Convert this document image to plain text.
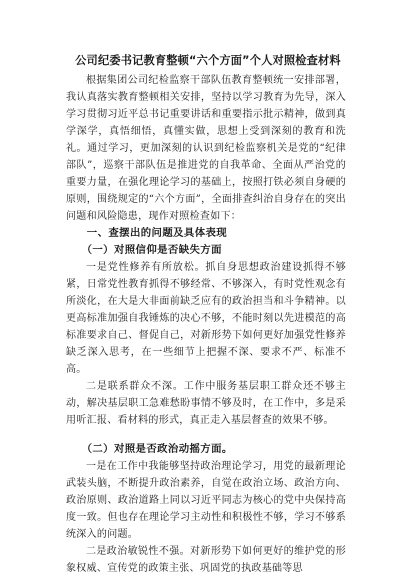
公司纪委书记教育整顿“六个方面”个人对照检查材料

根据集团公司纪检监察干部队伍教育整顿统一安排部署，我认真落实教育整顿相关安排，坚持以学习教育为先导，深入学习贯彻习近平总书记重要讲话和重要指示批示精神，做到真学深学，真悟细悟，真懂实做，思想上受到深刻的教育和洗礼。通过学习，更加深刻的认识到纪检监察机关是党的“纪律部队”，巡察干部队伍是推进党的自我革命、全面从严治党的重要力量，在强化理论学习的基础上，按照打铁必须自身硬的原则，围绕规定的“六个方面”，全面排查纠治自身存在的突出问题和风险隐患，现作对照检查如下：

一、查摆出的问题及具体表现

（一）对照信仰是否缺失方面

一是党性修养有所放松。抓自身思想政治建设抓得不够紧，日常党性教育抓得不够经常、不够深入，有时党性观念有所淡化，在大是大非面前缺乏应有的政治担当和斗争精神。以更高标准加强自我锤炼的决心不够，不能时刻以先进模范的高标准要求自己、督促自己，对新形势下如何更好加强党性修养缺乏深入思考，在一些细节上把握不深、要求不严、标准不高。

二是联系群众不深。工作中服务基层职工群众还不够主动，解决基层职工急难愁盼事情不够及时，在工作中，多是采用听汇报、看材料的形式，真正走入基层督查的效果不够。

（二）对照是否政治动摇方面。

一是在工作中我能够坚持政治理论学习，用党的最新理论武装头脑，不断提升政治素养，自觉在政治立场、政治方向、政治原则、政治道路上同以习近平同志为核心的党中央保持高度一致。但也存在理论学习主动性和积极性不够，学习不够系统深入的问题。

二是政治敏锐性不强。对新形势下如何更好的维护党的形象权威、宣传党的政策主张、巩固党的执政基础等思
